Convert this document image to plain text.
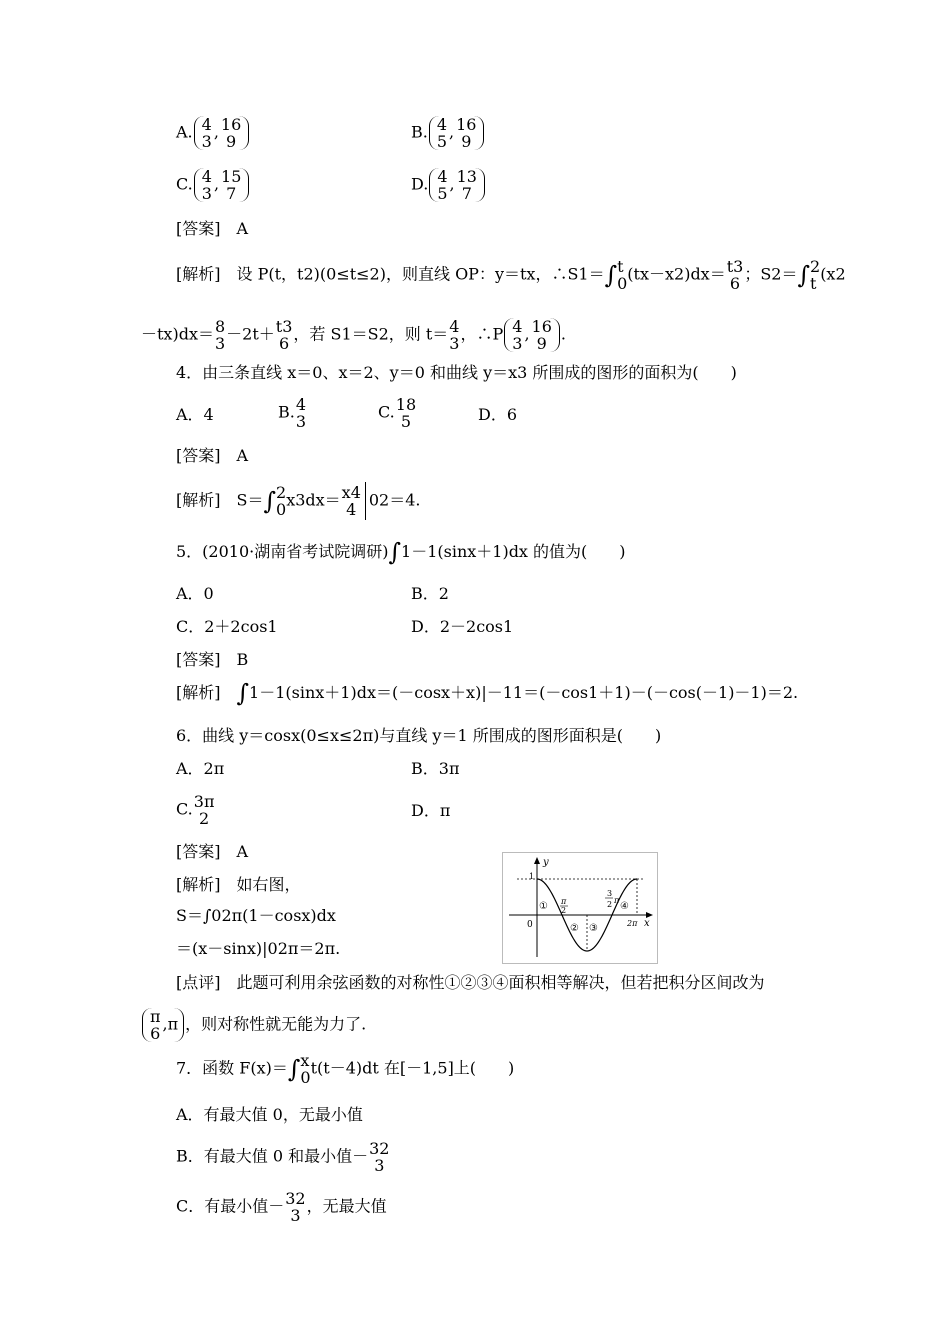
A. 4
3 , 16
9	B. 4
5 , 16
9
C. 4
3 , 15
7	D. 4
5 , 13
7
[答案]　 A
[解析]　 设 P(t，t2)(0≤t≤2)，则直线 OP：y＝tx，∴S1＝∫ t
0 (tx－x2)dx＝ t3
6 ；S2＝∫ 2
t (x2
－tx)dx＝ 8
3 －2t＋ t3
6 ，若 S1＝S2，则 t＝ 4
3 ，∴P 4
3 , 16
9 .
4．由三条直线 x＝0、x＝2、y＝0 和曲线 y＝x3 所围成的图形的面积为(　　)
A．4	B. 4
3	C. 18
5	D．6
[答案]　 A
[解析]　 S＝∫ 2
0 x3dx＝ x4
4 02＝4.
5．(2010·湖南省考试院调研)∫1－1(sinx＋1)dx 的值为(　　)
A．0	B．2
C．2＋2cos1	D．2－2cos1
[答案]　 B
[解析]　 ∫1－1(sinx＋1)dx＝(－cosx＋x)|－11＝(－cos1＋1)－(－cos(－1)－1)＝2.
6．曲线 y＝cosx(0≤x≤2π)与直线 y＝1 所围成的图形面积是(　　)
A．2π	B．3π
C. 3π
2	D．π
[答案]　 A
[解析]　 如右图，
S＝∫02π(1－cosx)dx
＝(x－sinx)|02π＝2π.
y
x
0
1
①
② ③
④
π
2
3
2 π
2π
[点评]　 此题可利用余弦函数的对称性①②③④面积相等解决，但若把积分区间改为
π
6 ,π ，则对称性就无能为力了.
7．函数 F(x)＝∫ x
0 t(t－4)dt 在[－1,5]上(　　)
A．有最大值 0，无最小值
B．有最大值 0 和最小值－ 32
3
C．有最小值－ 32
3 ，无最大值
